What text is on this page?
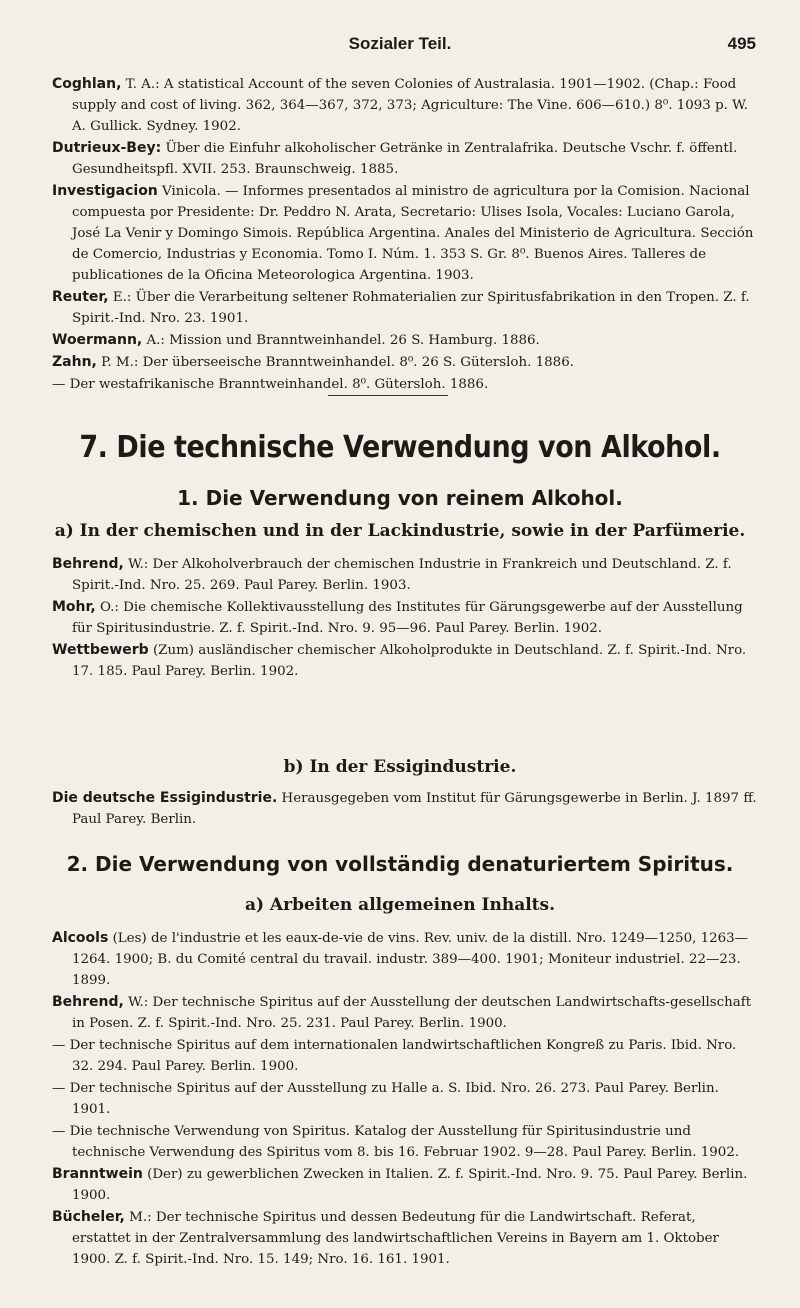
Sozialer Teil.	495

Coghlan, T. A.: A statistical Account of the seven Colonies of Australasia. 1901—1902. (Chap.: Food supply and cost of living. 362, 364—367, 372, 373; Agriculture: The Vine. 606—610.) 8⁰. 1093 p. W. A. Gullick. Sydney. 1902.

Dutrieux-Bey: Über die Einfuhr alkoholischer Getränke in Zentralafrika. Deutsche Vschr. f. öffentl. Gesundheitspfl. XVII. 253. Braunschweig. 1885.

Investigacion Vinicola. — Informes presentados al ministro de agricultura por la Comision. Nacional compuesta por Presidente: Dr. Peddro N. Arata, Secretario: Ulises Isola, Vocales: Luciano Garola, José La Venir y Domingo Simois. República Argentina. Anales del Ministerio de Agricultura. Sección de Comercio, Industrias y Economia. Tomo I. Núm. 1. 353 S. Gr. 8⁰. Buenos Aires. Talleres de publicationes de la Oficina Meteorologica Argentina. 1903.

Reuter, E.: Über die Verarbeitung seltener Rohmaterialien zur Spiritusfabrikation in den Tropen. Z. f. Spirit.-Ind. Nro. 23. 1901.

Woermann, A.: Mission und Branntweinhandel. 26 S. Hamburg. 1886.

Zahn, P. M.: Der überseeische Branntweinhandel. 8⁰. 26 S. Gütersloh. 1886.

— Der westafrikanische Branntweinhandel. 8⁰. Gütersloh. 1886.

7. Die technische Verwendung von Alkohol.
1. Die Verwendung von reinem Alkohol.
a) In der chemischen und in der Lackindustrie, sowie in der Parfümerie.

Behrend, W.: Der Alkoholverbrauch der chemischen Industrie in Frankreich und Deutschland. Z. f. Spirit.-Ind. Nro. 25. 269. Paul Parey. Berlin. 1903.

Mohr, O.: Die chemische Kollektivausstellung des Institutes für Gärungsgewerbe auf der Ausstellung für Spiritusindustrie. Z. f. Spirit.-Ind. Nro. 9. 95—96. Paul Parey. Berlin. 1902.

Wettbewerb (Zum) ausländischer chemischer Alkoholprodukte in Deutschland. Z. f. Spirit.-Ind. Nro. 17. 185. Paul Parey. Berlin. 1902.

b) In der Essigindustrie.

Die deutsche Essigindustrie. Herausgegeben vom Institut für Gärungsgewerbe in Berlin. J. 1897 ff. Paul Parey. Berlin.

2. Die Verwendung von vollständig denaturiertem Spiritus.
a) Arbeiten allgemeinen Inhalts.

Alcools (Les) de l'industrie et les eaux-de-vie de vins. Rev. univ. de la distill. Nro. 1249—1250, 1263—1264. 1900; B. du Comité central du travail. industr. 389—400. 1901; Moniteur industriel. 22—23. 1899.

Behrend, W.: Der technische Spiritus auf der Ausstellung der deutschen Landwirtschafts-gesellschaft in Posen. Z. f. Spirit.-Ind. Nro. 25. 231. Paul Parey. Berlin. 1900.

— Der technische Spiritus auf dem internationalen landwirtschaftlichen Kongreß zu Paris. Ibid. Nro. 32. 294. Paul Parey. Berlin. 1900.

— Der technische Spiritus auf der Ausstellung zu Halle a. S. Ibid. Nro. 26. 273. Paul Parey. Berlin. 1901.

— Die technische Verwendung von Spiritus. Katalog der Ausstellung für Spiritusindustrie und technische Verwendung des Spiritus vom 8. bis 16. Februar 1902. 9—28. Paul Parey. Berlin. 1902.

Branntwein (Der) zu gewerblichen Zwecken in Italien. Z. f. Spirit.-Ind. Nro. 9. 75. Paul Parey. Berlin. 1900.

Bücheler, M.: Der technische Spiritus und dessen Bedeutung für die Landwirtschaft. Referat, erstattet in der Zentralversammlung des landwirtschaftlichen Vereins in Bayern am 1. Oktober 1900. Z. f. Spirit.-Ind. Nro. 15. 149; Nro. 16. 161. 1901.
